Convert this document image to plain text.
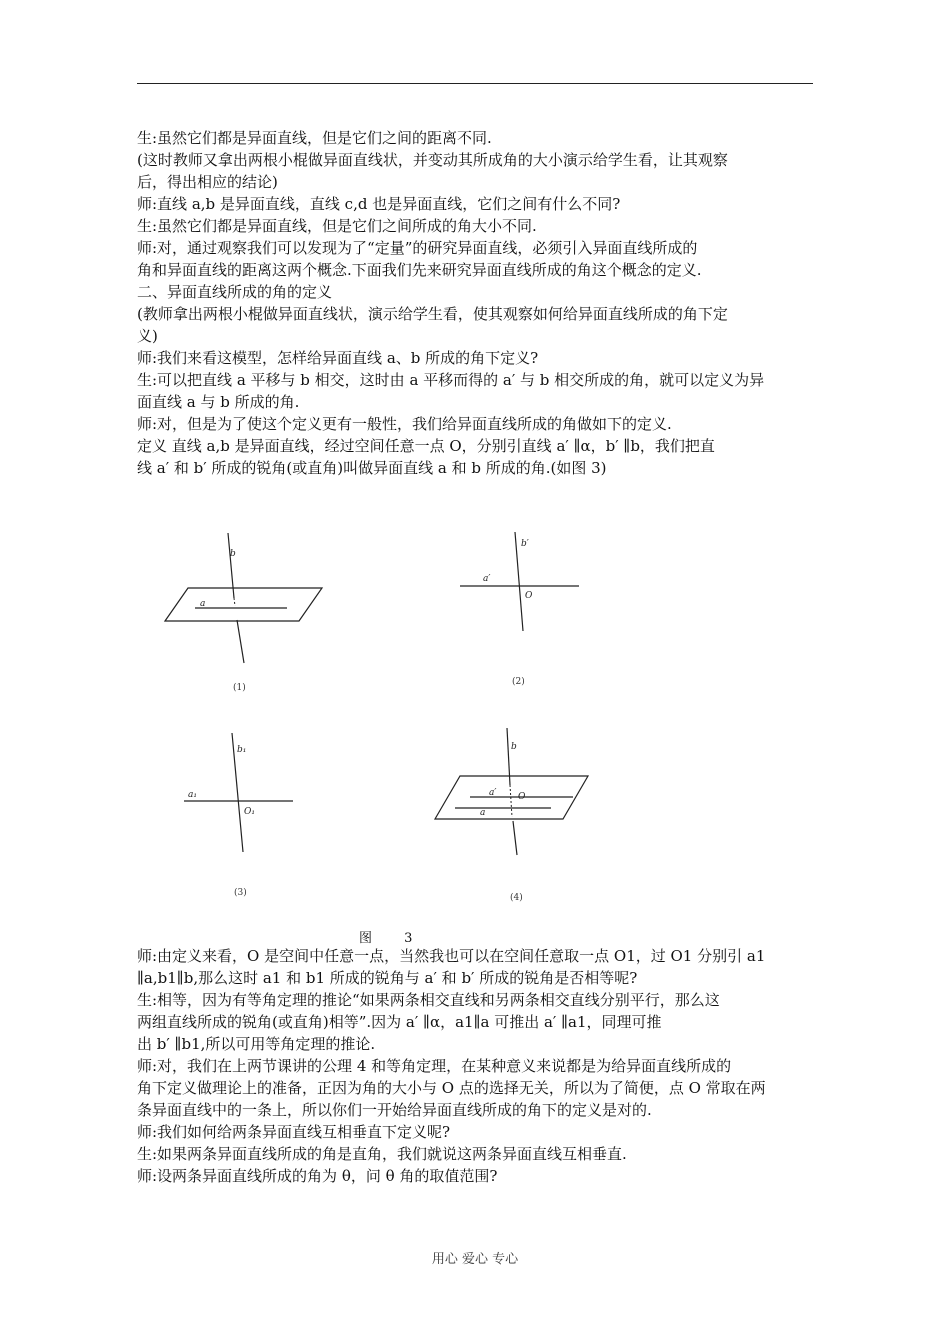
生:虽然它们都是异面直线，但是它们之间的距离不同.

(这时教师又拿出两根小棍做异面直线状，并变动其所成角的大小演示给学生看，让其观察

后，得出相应的结论)

师:直线 a,b 是异面直线，直线 c,d 也是异面直线，它们之间有什么不同?

生:虽然它们都是异面直线，但是它们之间所成的角大小不同.

师:对，通过观察我们可以发现为了“定量”的研究异面直线，必须引入异面直线所成的

角和异面直线的距离这两个概念.下面我们先来研究异面直线所成的角这个概念的定义.

二、异面直线所成的角的定义

(教师拿出两根小棍做异面直线状，演示给学生看，使其观察如何给异面直线所成的角下定

义)

师:我们来看这模型，怎样给异面直线 a、b 所成的角下定义?

生:可以把直线 a 平移与 b 相交，这时由 a 平移而得的 a′ 与 b 相交所成的角，就可以定义为异

面直线 a 与 b 所成的角.

师:对，但是为了使这个定义更有一般性，我们给异面直线所成的角做如下的定义.

定义 直线 a,b 是异面直线，经过空间任意一点 O，分别引直线 a′ ∥α，b′ ∥b，我们把直

线 a′ 和 b′ 所成的锐角(或直角)叫做异面直线 a 和 b 所成的角.(如图 3)

b
a
(1)
b′
a′
O
(2)
b₁
a₁
O₁
(3)
b
a′ O
a
(4)
图 3

师:由定义来看，O 是空间中任意一点，当然我也可以在空间任意取一点 O1，过 O1 分别引 a1

∥a,b1∥b,那么这时 a1 和 b1 所成的锐角与 a′ 和 b′ 所成的锐角是否相等呢?

生:相等，因为有等角定理的推论“如果两条相交直线和另两条相交直线分别平行，那么这

两组直线所成的锐角(或直角)相等”.因为 a′ ∥α，a1∥a 可推出 a′ ∥a1，同理可推

出 b′ ∥b1,所以可用等角定理的推论.

师:对，我们在上两节课讲的公理 4 和等角定理，在某种意义来说都是为给异面直线所成的

角下定义做理论上的准备，正因为角的大小与 O 点的选择无关，所以为了简便，点 O 常取在两

条异面直线中的一条上，所以你们一开始给异面直线所成的角下的定义是对的.

师:我们如何给两条异面直线互相垂直下定义呢?

生:如果两条异面直线所成的角是直角，我们就说这两条异面直线互相垂直.

师:设两条异面直线所成的角为 θ，问 θ 角的取值范围?

用心 爱心 专心
